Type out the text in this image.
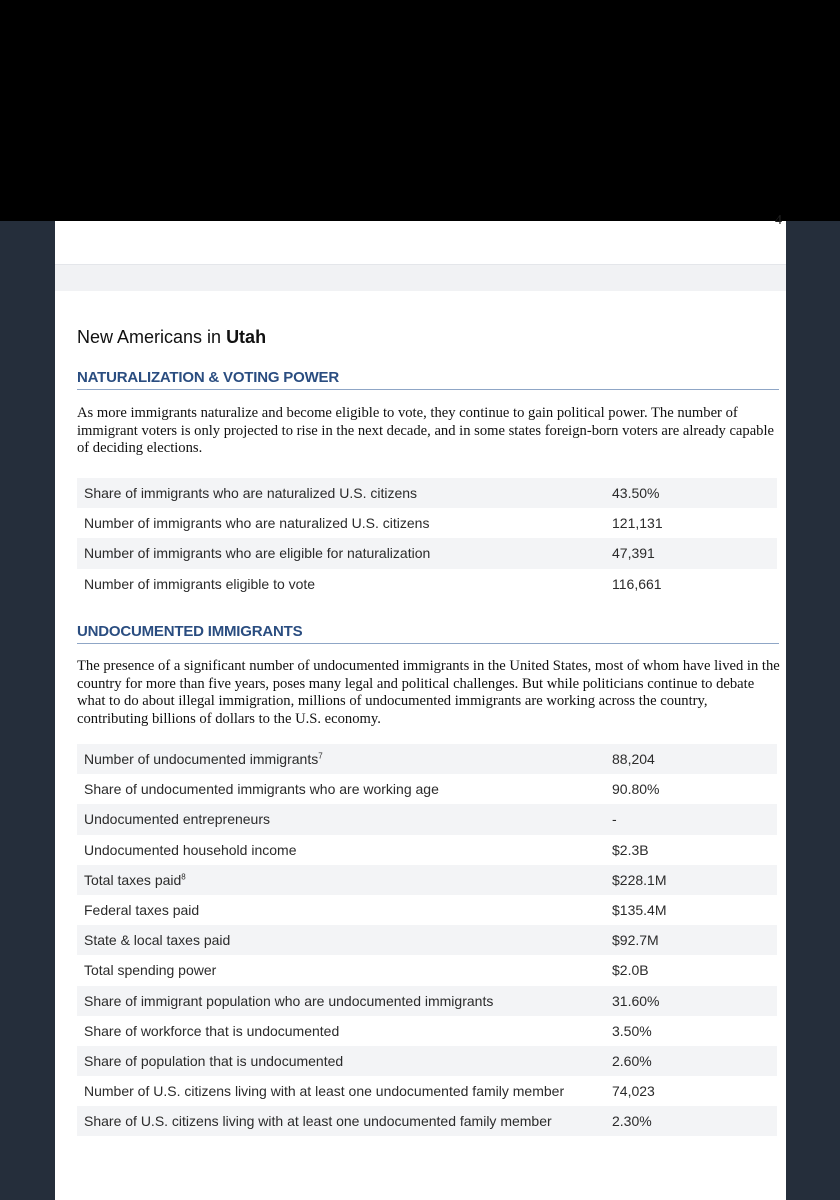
4
New Americans in Utah
NATURALIZATION & VOTING POWER

As more immigrants naturalize and become eligible to vote, they continue to gain political power. The number of immigrant voters is only projected to rise in the next decade, and in some states foreign-born voters are already capable of deciding elections.

Share of immigrants who are naturalized U.S. citizens	43.50%
Number of immigrants who are naturalized U.S. citizens	121,131
Number of immigrants who are eligible for naturalization	47,391
Number of immigrants eligible to vote	116,661
UNDOCUMENTED IMMIGRANTS

The presence of a significant number of undocumented immigrants in the United States, most of whom have lived in the country for more than five years, poses many legal and political challenges. But while politicians continue to debate what to do about illegal immigration, millions of undocumented immigrants are working across the country, contributing billions of dollars to the U.S. economy.

Number of undocumented immigrants$^7$	88,204
Share of undocumented immigrants who are working age	90.80%
Undocumented entrepreneurs	-
Undocumented household income	$2.3B
Total taxes paid$^8$	$228.1M
Federal taxes paid	$135.4M
State & local taxes paid	$92.7M
Total spending power	$2.0B
Share of immigrant population who are undocumented immigrants	31.60%
Share of workforce that is undocumented	3.50%
Share of population that is undocumented	2.60%
Number of U.S. citizens living with at least one undocumented family member	74,023
Share of U.S. citizens living with at least one undocumented family member	2.30%
